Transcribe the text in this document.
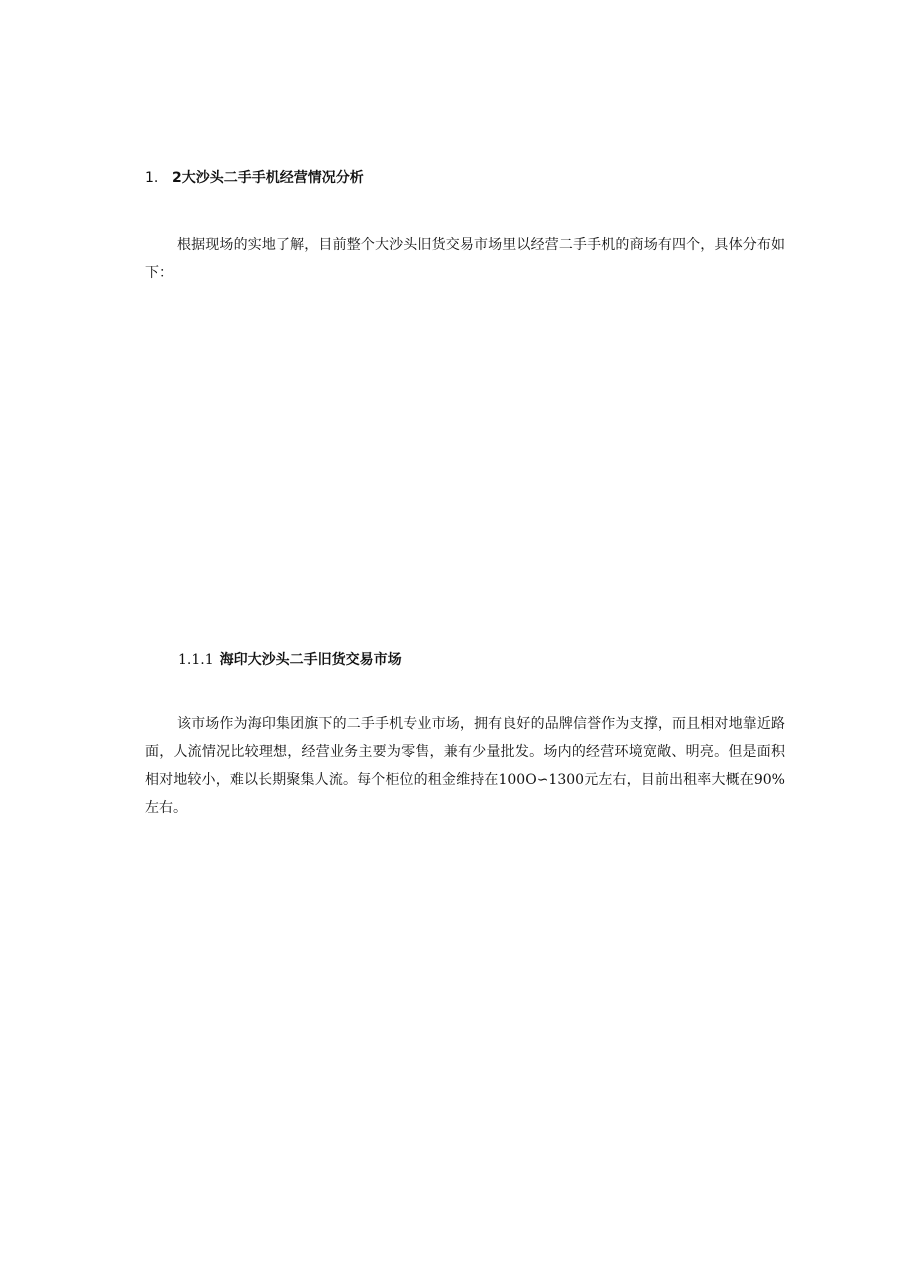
1. 2大沙头二手手机经营情况分析

根据现场的实地了解，目前整个大沙头旧货交易市场里以经营二手手机的商场有四个，具体分布如下：

1.1.1 海印大沙头二手旧货交易市场

该市场作为海印集团旗下的二手手机专业市场，拥有良好的品牌信誉作为支撑，而且相对地靠近路面，人流情况比较理想，经营业务主要为零售，兼有少量批发。场内的经营环境宽敞、明亮。但是面积相对地较小，难以长期聚集人流。每个柜位的租金维持在100O∽1300元左右，目前出租率大概在90%左右。
